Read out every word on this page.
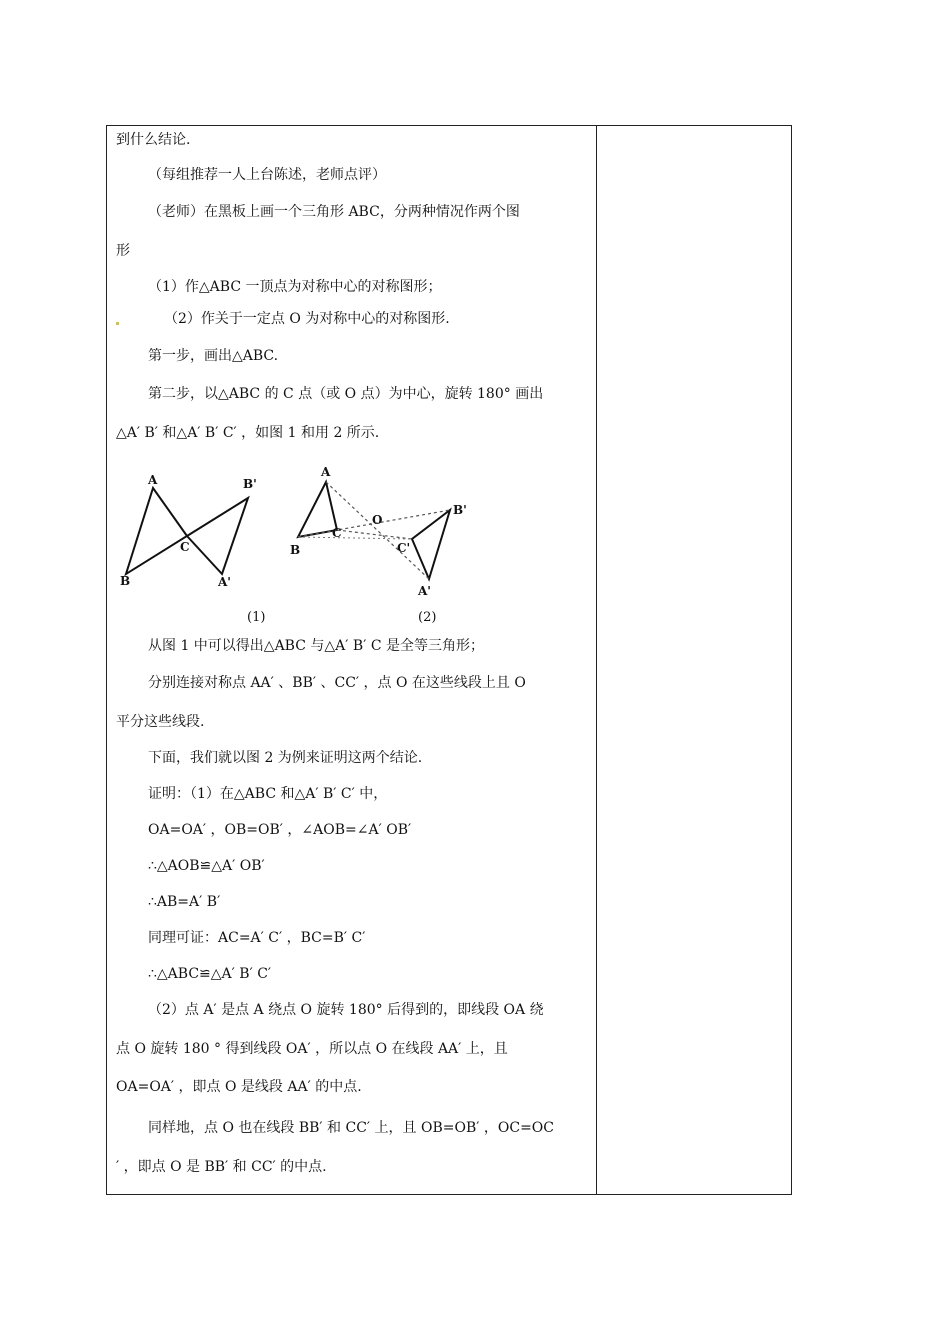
到什么结论.
（每组推荐一人上台陈述，老师点评）
（老师）在黑板上画一个三角形 ABC，分两种情况作两个图
形
（1）作△ABC 一顶点为对称中心的对称图形；
（2）作关于一定点 O 为对称中心的对称图形.
第一步，画出△ABC.
第二步，以△ABC 的 C 点（或 O 点）为中心，旋转 180° 画出
△A′ B′ 和△A′ B′ C′ ，如图 1 和用 2 所示.
A
B
C
B'
A'
(1)
A
B
C
O
B'
C'
A'
(2)
从图 1 中可以得出△ABC 与△A′ B′ C 是全等三角形；
分别连接对称点 AA′ 、BB′ 、CC′ ，点 O 在这些线段上且 O
平分这些线段.
下面，我们就以图 2 为例来证明这两个结论.
证明：（1）在△ABC 和△A′ B′ C′ 中，
OA=OA′ ，OB=OB′ ，∠AOB=∠A′ OB′
∴△AOB≌△A′ OB′
∴AB=A′ B′
同理可证：AC=A′ C′ ，BC=B′ C′
∴△ABC≌△A′ B′ C′
（2）点 A′ 是点 A 绕点 O 旋转 180° 后得到的，即线段 OA 绕
点 O 旋转 180 ° 得到线段 OA′ ，所以点 O 在线段 AA′ 上，且
OA=OA′ ，即点 O 是线段 AA′ 的中点.
同样地，点 O 也在线段 BB′ 和 CC′ 上，且 OB=OB′ ，OC=OC
′ ，即点 O 是 BB′ 和 CC′ 的中点.
